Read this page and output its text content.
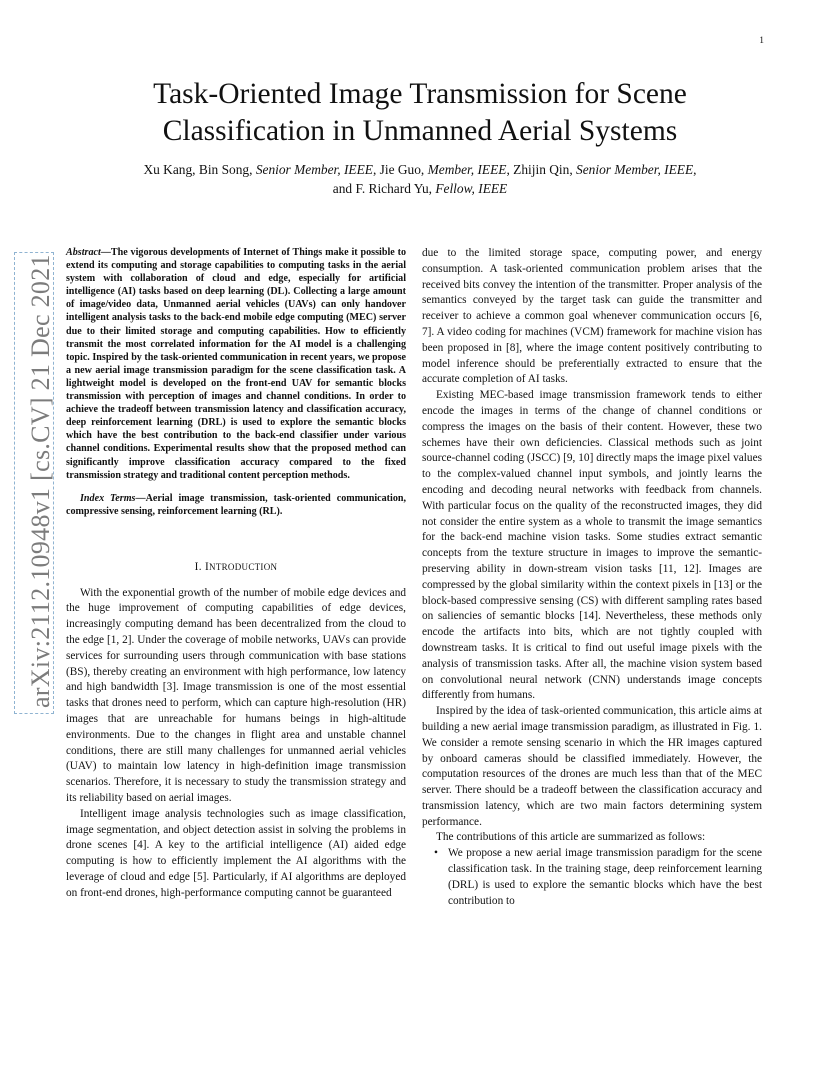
1
Task-Oriented Image Transmission for Scene Classification in Unmanned Aerial Systems
Xu Kang, Bin Song, Senior Member, IEEE, Jie Guo, Member, IEEE, Zhijin Qin, Senior Member, IEEE,
and F. Richard Yu, Fellow, IEEE
arXiv:2112.10948v1 [cs.CV] 21 Dec 2021

Abstract—The vigorous developments of Internet of Things make it possible to extend its computing and storage capabilities to computing tasks in the aerial system with collaboration of cloud and edge, especially for artificial intelligence (AI) tasks based on deep learning (DL). Collecting a large amount of image/video data, Unmanned aerial vehicles (UAVs) can only handover intelligent analysis tasks to the back-end mobile edge computing (MEC) server due to their limited storage and computing capabilities. How to efficiently transmit the most correlated information for the AI model is a challenging topic. Inspired by the task-oriented communication in recent years, we propose a new aerial image transmission paradigm for the scene classification task. A lightweight model is developed on the front-end UAV for semantic blocks transmission with perception of images and channel conditions. In order to achieve the tradeoff between transmission latency and classification accuracy, deep reinforcement learning (DRL) is used to explore the semantic blocks which have the best contribution to the back-end classifier under various channel conditions. Experimental results show that the proposed method can significantly improve classification accuracy compared to the fixed transmission strategy and traditional content perception methods.

Index Terms—Aerial image transmission, task-oriented communication, compressive sensing, reinforcement learning (RL).

I. INTRODUCTION

With the exponential growth of the number of mobile edge devices and the huge improvement of computing capabilities of edge devices, increasingly computing demand has been decentralized from the cloud to the edge [1, 2]. Under the coverage of mobile networks, UAVs can provide services for surrounding users through communication with base stations (BS), thereby creating an environment with high performance, low latency and high bandwidth [3]. Image transmission is one of the most essential tasks that drones need to perform, which can capture high-resolution (HR) images that are unreachable for humans beings in high-altitude environments. Due to the changes in flight area and unstable channel conditions, there are still many challenges for unmanned aerial vehicles (UAV) to maintain low latency in high-definition image transmission scenarios. Therefore, it is necessary to study the transmission strategy and its reliability based on aerial images.

Intelligent image analysis technologies such as image classification, image segmentation, and object detection assist in solving the problems in drone scenes [4]. A key to the artificial intelligence (AI) aided edge computing is how to efficiently implement the AI algorithms with the leverage of cloud and edge [5]. Particularly, if AI algorithms are deployed on front-end drones, high-performance computing cannot be guaranteed

due to the limited storage space, computing power, and energy consumption. A task-oriented communication problem arises that the received bits convey the intention of the transmitter. Proper analysis of the semantics conveyed by the target task can guide the transmitter and receiver to achieve a common goal whenever communication occurs [6, 7]. A video coding for machines (VCM) framework for machine vision has been proposed in [8], where the image content positively contributing to model inference should be preferentially extracted to ensure that the accurate completion of AI tasks.

Existing MEC-based image transmission framework tends to either encode the images in terms of the change of channel conditions or compress the images on the basis of their content. However, these two schemes have their own deficiencies. Classical methods such as joint source-channel coding (JSCC) [9, 10] directly maps the image pixel values to the complex-valued channel input symbols, and jointly learns the encoding and decoding neural networks with feedback from channels. With particular focus on the quality of the reconstructed images, they did not consider the entire system as a whole to transmit the image semantics for the back-end machine vision tasks. Some studies extract semantic concepts from the texture structure in images to improve the semantic-preserving ability in down-stream vision tasks [11, 12]. Images are compressed by the global similarity within the context pixels in [13] or the block-based compressive sensing (CS) with different sampling rates based on saliencies of semantic blocks [14]. Nevertheless, these methods only encode the artifacts into bits, which are not tightly coupled with downstream tasks. It is critical to find out useful image pixels with the analysis of transmission tasks. After all, the machine vision system based on convolutional neural network (CNN) understands image concepts differently from humans.

Inspired by the idea of task-oriented communication, this article aims at building a new aerial image transmission paradigm, as illustrated in Fig. 1. We consider a remote sensing scenario in which the HR images captured by onboard cameras should be classified immediately. However, the computation resources of the drones are much less than that of the MEC server. There should be a tradeoff between the classification accuracy and transmission latency, which are two main factors determining system performance.

The contributions of this article are summarized as follows:

• We propose a new aerial image transmission paradigm for the scene classification task. In the training stage, deep reinforcement learning (DRL) is used to explore the semantic blocks which have the best contribution to
